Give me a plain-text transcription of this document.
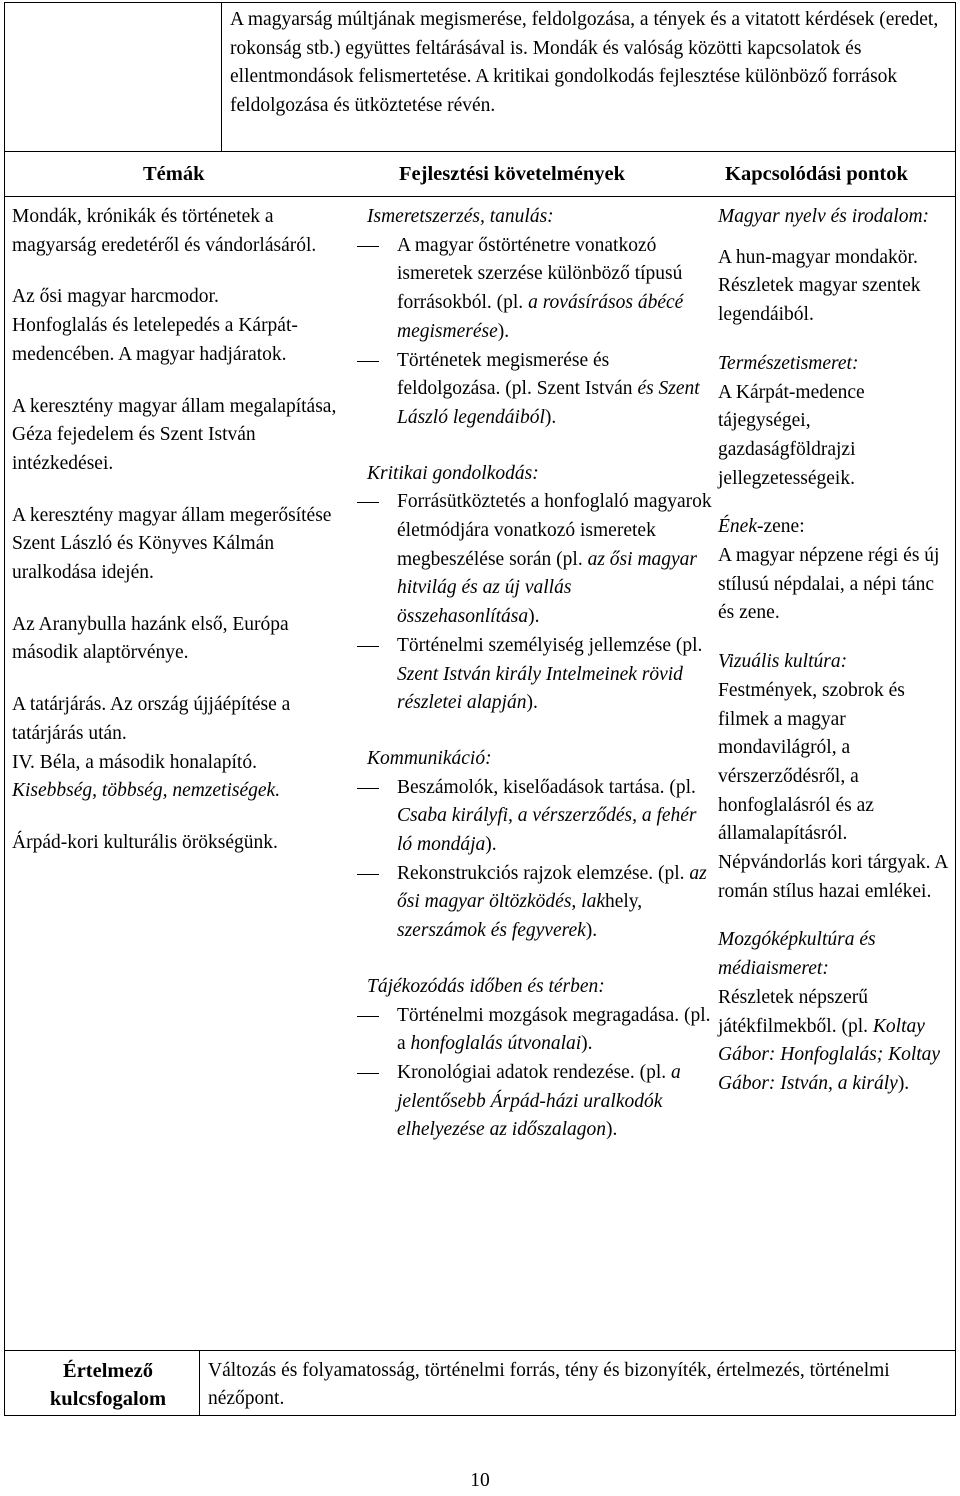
A magyarság múltjának megismerése, feldolgozása, a tények és a vitatott kérdések (eredet, rokonság stb.) együttes feltárásával is. Mondák és valóság közötti kapcsolatok és ellentmondások felismertetése. A kritikai gondolkodás fejlesztése különböző források feldolgozása és ütköztetése révén.
Témák	Fejlesztési követelmények	Kapcsolódási pontok

Mondák, krónikák és történetek a magyarság eredetéről és vándorlásáról.

Az ősi magyar harcmodor.

Honfoglalás és letelepedés a Kárpát-medencében. A magyar hadjáratok.

A keresztény magyar állam megalapítása, Géza fejedelem és Szent István intézkedései.

A keresztény magyar állam megerősítése Szent László és Könyves Kálmán uralkodása idején.

Az Aranybulla hazánk első, Európa második alaptörvénye.

A tatárjárás. Az ország újjáépítése a tatárjárás után.

IV. Béla, a második honalapító.

Kisebbség, többség, nemzetiségek.

Árpád-kori kulturális örökségünk.

Ismeretszerzés, tanulás:

A magyar őstörténetre vonatkozó ismeretek szerzése különböző típusú forrásokból. (pl. a rovásírásos ábécé megismerése).
Történetek megismerése és feldolgozása. (pl. Szent István és Szent László legendáiból).

Kritikai gondolkodás:

Forrásütköztetés a honfoglaló magyarok életmódjára vonatkozó ismeretek megbeszélése során (pl. az ősi magyar hitvilág és az új vallás összehasonlítása).
Történelmi személyiség jellemzése (pl. Szent István király Intelmeinek rövid részletei alapján).

Kommunikáció:

Beszámolók, kiselőadások tartása. (pl. Csaba királyfi, a vérszerződés, a fehér ló mondája).
Rekonstrukciós rajzok elemzése. (pl. az ősi magyar öltözködés, lakhely, szerszámok és fegyverek).

Tájékozódás időben és térben:

Történelmi mozgások megragadása. (pl. a honfoglalás útvonalai).
Kronológiai adatok rendezése. (pl. a jelentősebb Árpád-házi uralkodók elhelyezése az időszalagon).

Magyar nyelv és irodalom:

A hun-magyar mondakör. Részletek magyar szentek legendáiból.

Természetismeret:

A Kárpát-medence tájegységei, gazdaságföldrajzi jellegzetességeik.

Ének-zene:

A magyar népzene régi és új stílusú népdalai, a népi tánc és zene.

Vizuális kultúra:

Festmények, szobrok és filmek a magyar mondavilágról, a vérszerződésről, a honfoglalásról és az államalapításról. Népvándorlás kori tárgyak. A román stílus hazai emlékei.

Mozgóképkultúra és médiaismeret:

Részletek népszerű játékfilmekből. (pl. Koltay Gábor: Honfoglalás; Koltay Gábor: István, a király).

Értelmező kulcsfogalom
Változás és folyamatosság, történelmi forrás, tény és bizonyíték, értelmezés, történelmi nézőpont.
10
